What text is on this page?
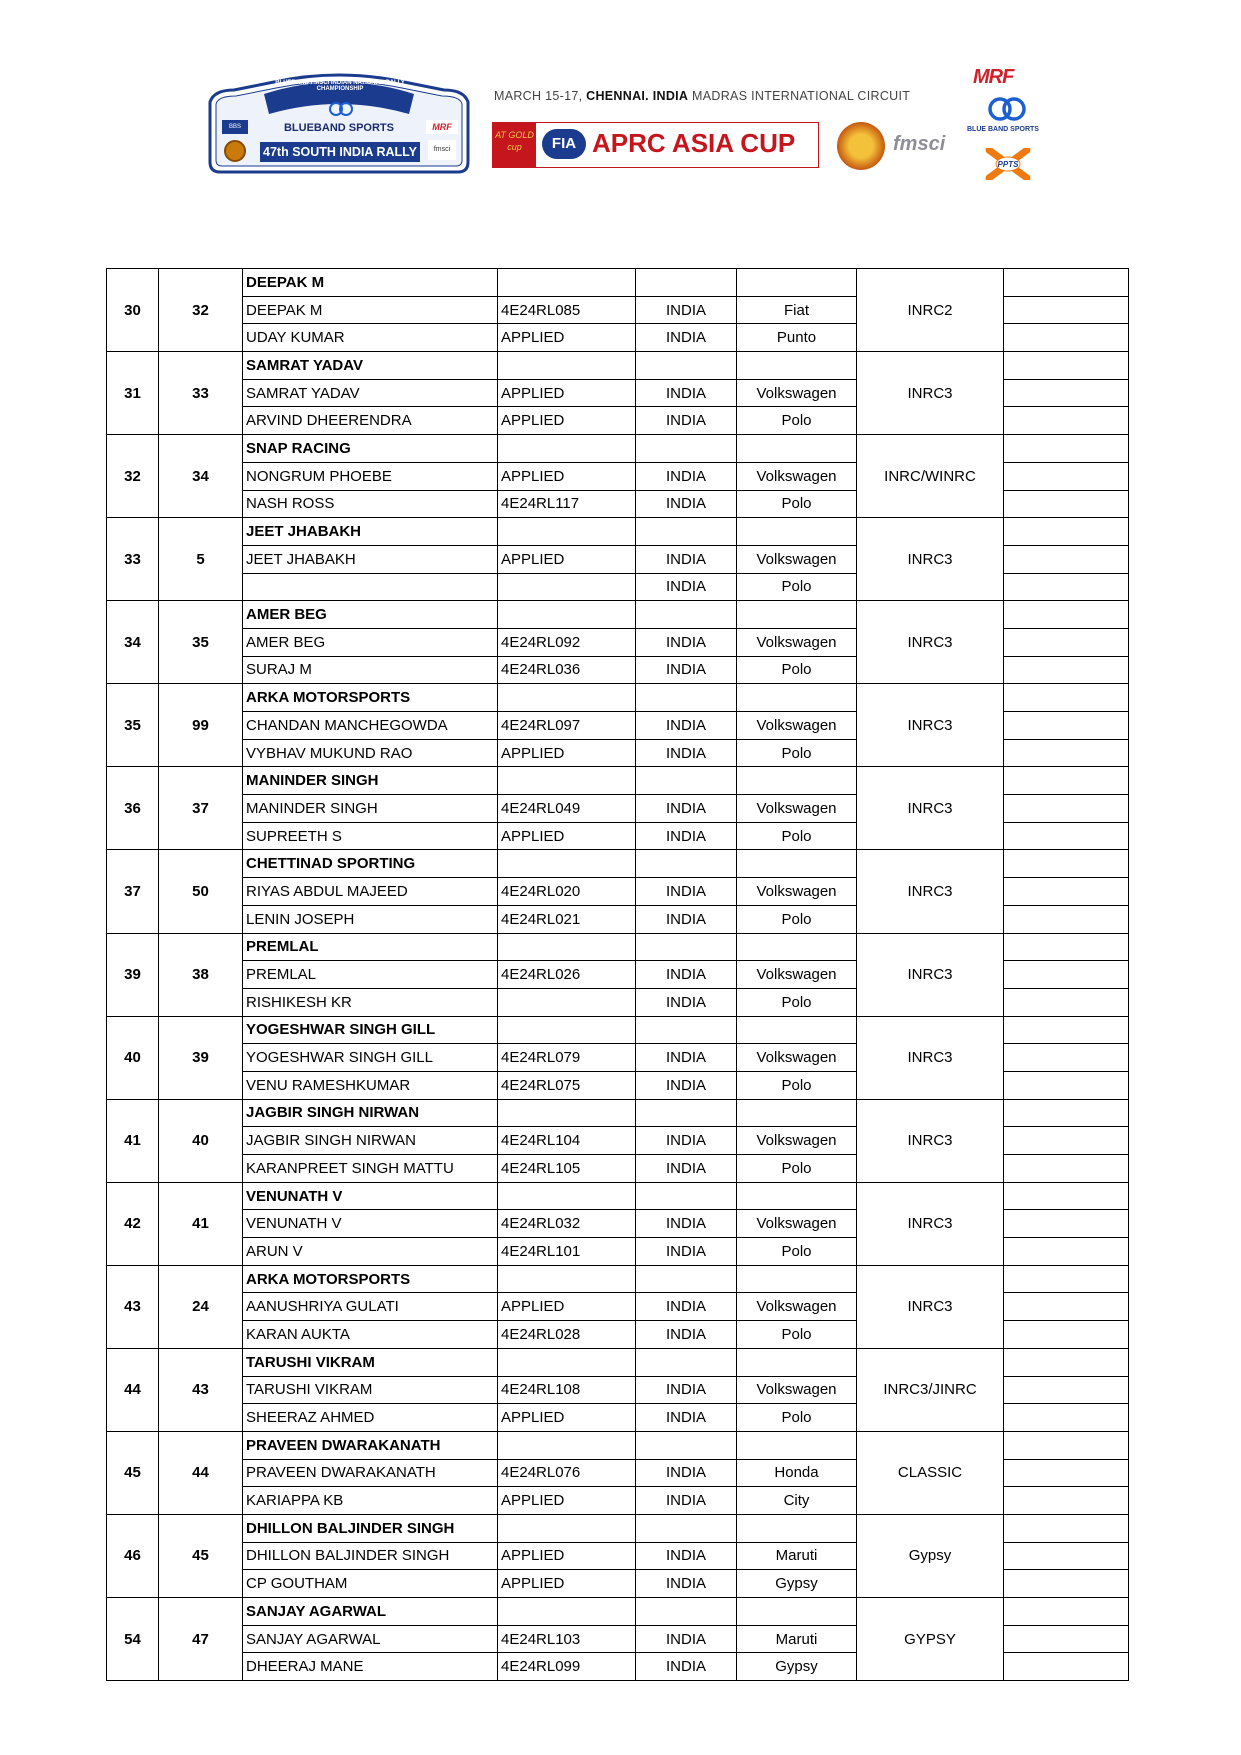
BLUEBAND FMSCI INDIAN NATIONAL RALLY CHAMPIONSHIP
BLUEBAND SPORTS
47th SOUTH INDIA RALLY
BBS	MRF
fmsci
MARCH 15-17, CHENNAI. INDIA MADRAS INTERNATIONAL CIRCUIT
AT GOLD cup	FIA APRC ASIA CUP	fmsci
MRF
BLUE BAND SPORTS
PPTS
30	32	DEEPAK M				INRC2	
		DEEPAK M	4E24RL085	INDIA	Fiat		
		UDAY KUMAR	APPLIED	INDIA	Punto		
31	33	SAMRAT YADAV				INRC3	
		SAMRAT YADAV	APPLIED	INDIA	Volkswagen		
		ARVIND DHEERENDRA	APPLIED	INDIA	Polo		
32	34	SNAP RACING				INRC/WINRC	
		NONGRUM PHOEBE	APPLIED	INDIA	Volkswagen		
		NASH ROSS	4E24RL117	INDIA	Polo		
33	5	JEET JHABAKH				INRC3	
		JEET JHABAKH	APPLIED	INDIA	Volkswagen		
				INDIA	Polo		
34	35	AMER BEG				INRC3	
		AMER BEG	4E24RL092	INDIA	Volkswagen		
		SURAJ M	4E24RL036	INDIA	Polo		
35	99	ARKA MOTORSPORTS				INRC3	
		CHANDAN MANCHEGOWDA	4E24RL097	INDIA	Volkswagen		
		VYBHAV MUKUND RAO	APPLIED	INDIA	Polo		
36	37	MANINDER SINGH				INRC3	
		MANINDER SINGH	4E24RL049	INDIA	Volkswagen		
		SUPREETH S	APPLIED	INDIA	Polo		
37	50	CHETTINAD SPORTING				INRC3	
		RIYAS ABDUL MAJEED	4E24RL020	INDIA	Volkswagen		
		LENIN JOSEPH	4E24RL021	INDIA	Polo		
39	38	PREMLAL				INRC3	
		PREMLAL	4E24RL026	INDIA	Volkswagen		
		RISHIKESH KR		INDIA	Polo		
40	39	YOGESHWAR SINGH GILL				INRC3	
		YOGESHWAR SINGH GILL	4E24RL079	INDIA	Volkswagen		
		VENU RAMESHKUMAR	4E24RL075	INDIA	Polo		
41	40	JAGBIR SINGH NIRWAN				INRC3	
		JAGBIR SINGH NIRWAN	4E24RL104	INDIA	Volkswagen		
		KARANPREET SINGH MATTU	4E24RL105	INDIA	Polo		
42	41	VENUNATH V				INRC3	
		VENUNATH V	4E24RL032	INDIA	Volkswagen		
		ARUN V	4E24RL101	INDIA	Polo		
43	24	ARKA MOTORSPORTS				INRC3	
		AANUSHRIYA GULATI	APPLIED	INDIA	Volkswagen		
		KARAN AUKTA	4E24RL028	INDIA	Polo		
44	43	TARUSHI VIKRAM				INRC3/JINRC	
		TARUSHI VIKRAM	4E24RL108	INDIA	Volkswagen		
		SHEERAZ AHMED	APPLIED	INDIA	Polo		
45	44	PRAVEEN DWARAKANATH				CLASSIC	
		PRAVEEN DWARAKANATH	4E24RL076	INDIA	Honda		
		KARIAPPA KB	APPLIED	INDIA	City		
46	45	DHILLON BALJINDER SINGH				Gypsy	
		DHILLON BALJINDER SINGH	APPLIED	INDIA	Maruti		
		CP GOUTHAM	APPLIED	INDIA	Gypsy		
54	47	SANJAY AGARWAL				GYPSY	
		SANJAY AGARWAL	4E24RL103	INDIA	Maruti		
		DHEERAJ MANE	4E24RL099	INDIA	Gypsy		
